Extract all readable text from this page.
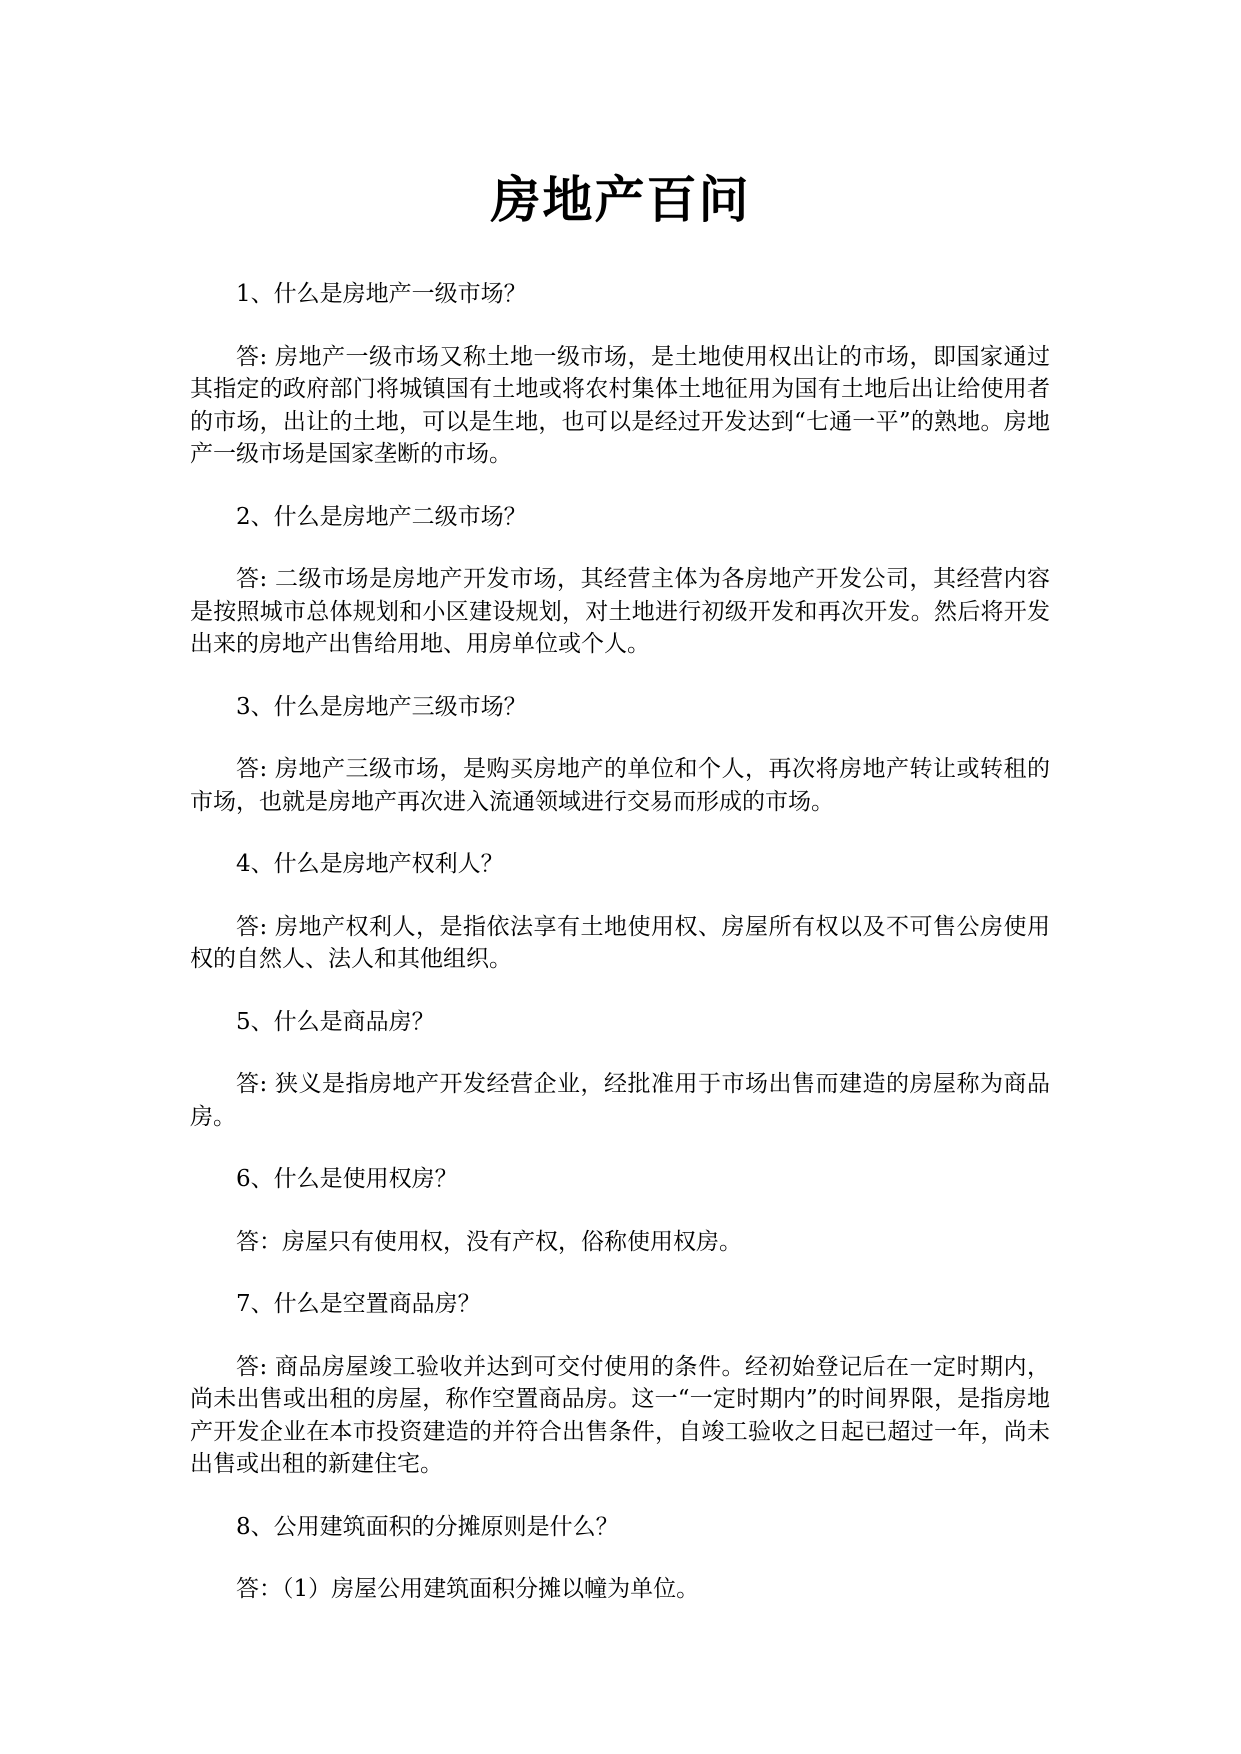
房地产百问

1、什么是房地产一级市场？

答: 房地产一级市场又称土地一级市场，是土地使用权出让的市场，即国家通过其指定的政府部门将城镇国有土地或将农村集体土地征用为国有土地后出让给使用者的市场，出让的土地，可以是生地，也可以是经过开发达到“七通一平”的熟地。房地产一级市场是国家垄断的市场。

2、什么是房地产二级市场？

答: 二级市场是房地产开发市场，其经营主体为各房地产开发公司，其经营内容是按照城市总体规划和小区建设规划，对土地进行初级开发和再次开发。然后将开发出来的房地产出售给用地、用房单位或个人。

3、什么是房地产三级市场？

答: 房地产三级市场，是购买房地产的单位和个人，再次将房地产转让或转租的市场，也就是房地产再次进入流通领域进行交易而形成的市场。

4、什么是房地产权利人？

答: 房地产权利人，是指依法享有土地使用权、房屋所有权以及不可售公房使用权的自然人、法人和其他组织。

5、什么是商品房？

答: 狭义是指房地产开发经营企业，经批准用于市场出售而建造的房屋称为商品房。

6、什么是使用权房？

答：房屋只有使用权，没有产权，俗称使用权房。

7、什么是空置商品房？

答: 商品房屋竣工验收并达到可交付使用的条件。经初始登记后在一定时期内，尚未出售或出租的房屋，称作空置商品房。这一“一定时期内”的时间界限，是指房地产开发企业在本市投资建造的并符合出售条件，自竣工验收之日起已超过一年，尚未出售或出租的新建住宅。

8、公用建筑面积的分摊原则是什么？

答：（1）房屋公用建筑面积分摊以幢为单位。
